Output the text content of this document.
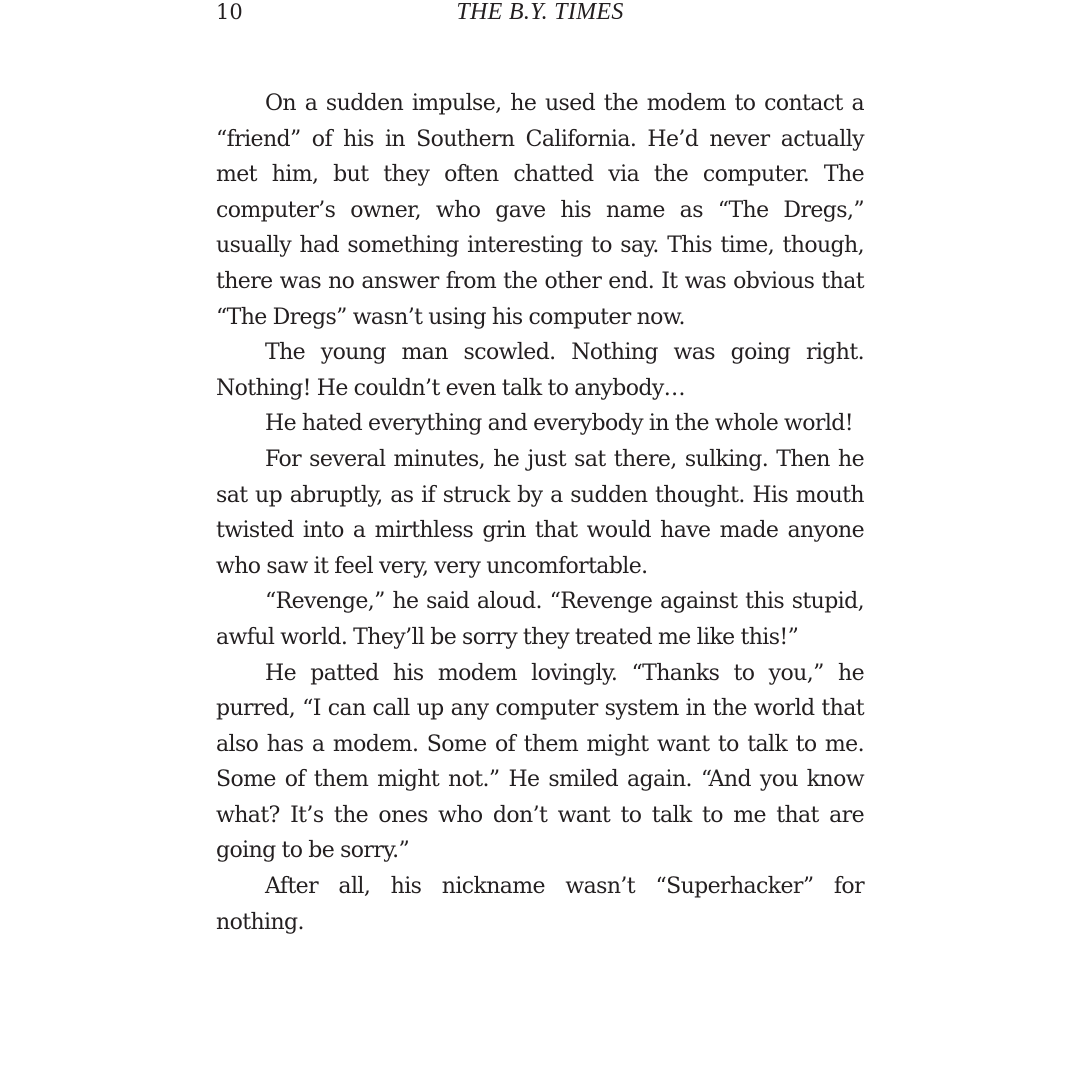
10	THE B.Y. TIMES

On a sudden impulse, he used the modem to contact a “friend” of his in Southern California. He’d never actually met him, but they often chatted via the computer. The computer’s owner, who gave his name as “The Dregs,” usually had something interesting to say. This time, though, there was no answer from the other end. It was obvious that “The Dregs” wasn’t using his computer now.

The young man scowled. Nothing was going right. Nothing! He couldn’t even talk to anybody…

He hated everything and everybody in the whole world!

For several minutes, he just sat there, sulking. Then he sat up abruptly, as if struck by a sudden thought. His mouth twisted into a mirthless grin that would have made anyone who saw it feel very, very uncomfortable.

“Revenge,” he said aloud. “Revenge against this stupid, awful world. They’ll be sorry they treated me like this!”

He patted his modem lovingly. “Thanks to you,” he purred, “I can call up any computer system in the world that also has a modem. Some of them might want to talk to me. Some of them might not.” He smiled again. “And you know what? It’s the ones who don’t want to talk to me that are going to be sorry.”

After all, his nickname wasn’t “Superhacker” for nothing.
